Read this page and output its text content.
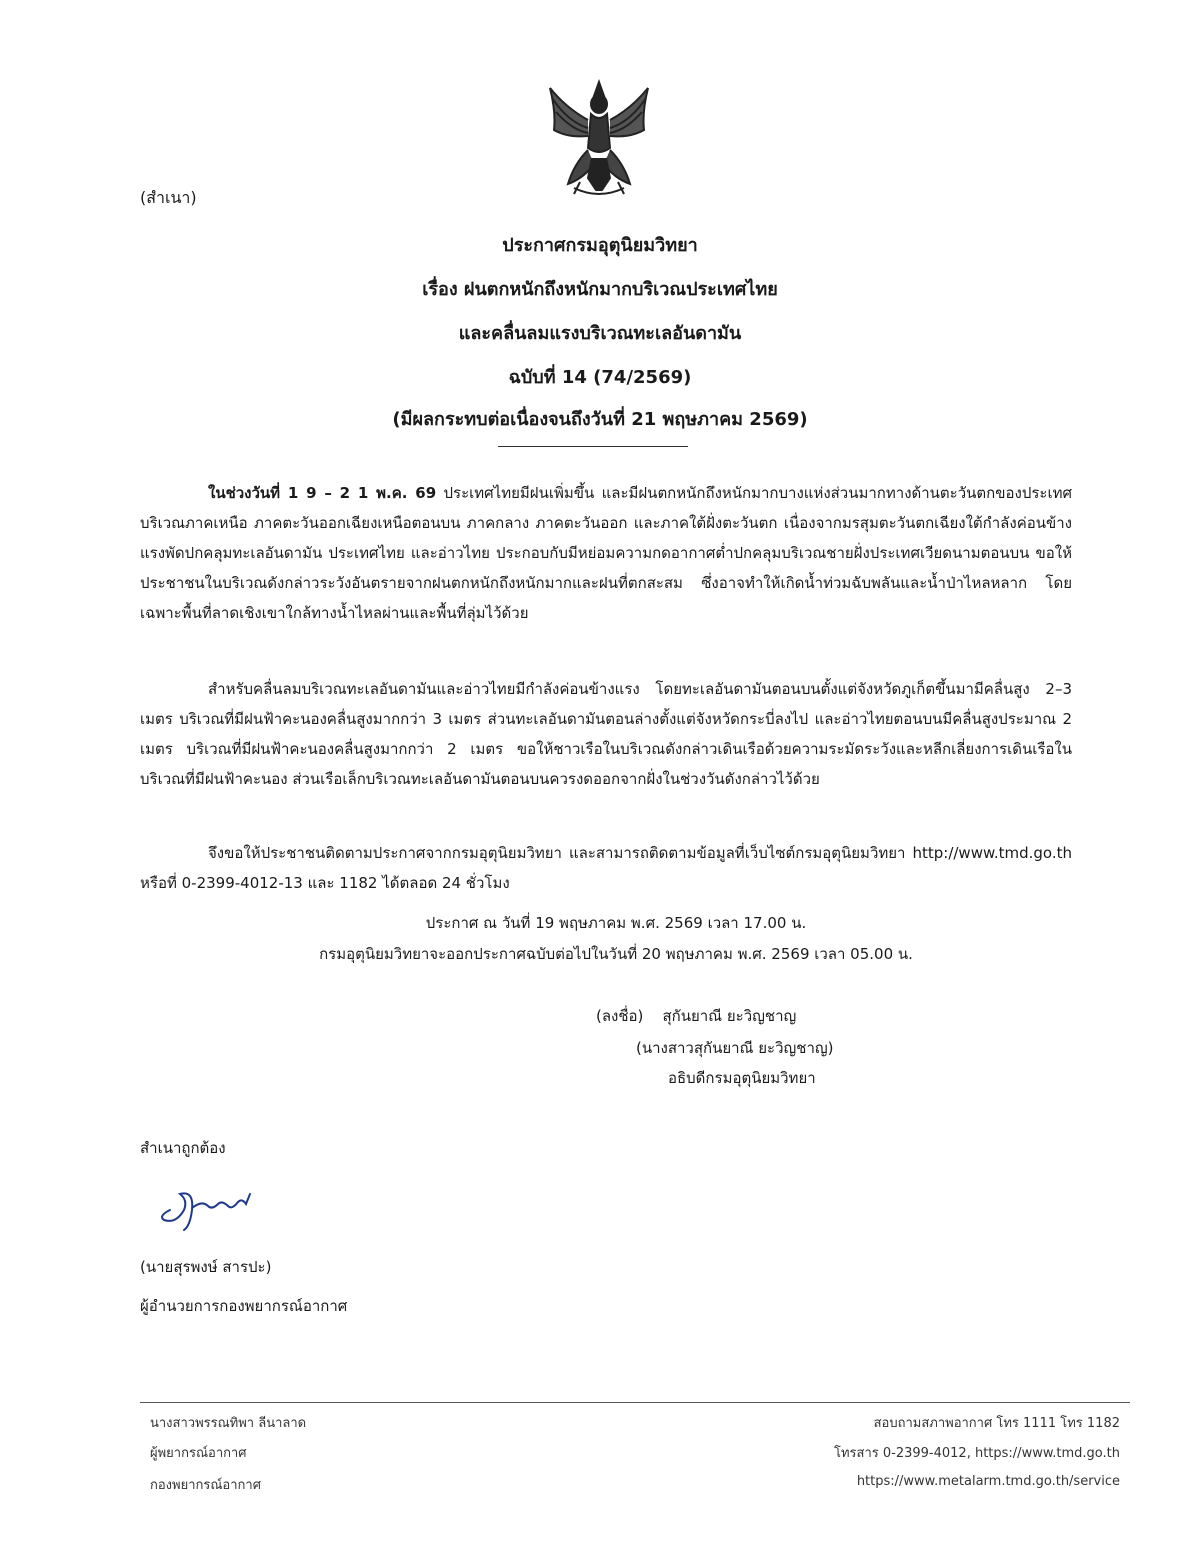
(สำเนา)
ประกาศกรมอุตุนิยมวิทยา
เรื่อง ฝนตกหนักถึงหนักมากบริเวณประเทศไทย
และคลื่นลมแรงบริเวณทะเลอันดามัน
ฉบับที่ 14 (74/2569)
(มีผลกระทบต่อเนื่องจนถึงวันที่ 21 พฤษภาคม 2569)
ในช่วงวันที่ 1 9 – 2 1 พ.ค. 69 ประเทศไทยมีฝนเพิ่มขึ้น และมีฝนตกหนักถึงหนักมากบางแห่งส่วนมากทางด้านตะวันตกของประเทศ บริเวณภาคเหนือ ภาคตะวันออกเฉียงเหนือตอนบน ภาคกลาง ภาคตะวันออก และภาคใต้ฝั่งตะวันตก เนื่องจากมรสุมตะวันตกเฉียงใต้กำลังค่อนข้างแรงพัดปกคลุมทะเลอันดามัน ประเทศไทย และอ่าวไทย ประกอบกับมีหย่อมความกดอากาศต่ำปกคลุมบริเวณชายฝั่งประเทศเวียดนามตอนบน ขอให้ประชาชนในบริเวณดังกล่าวระวังอันตรายจากฝนตกหนักถึงหนักมากและฝนที่ตกสะสม ซึ่งอาจทำให้เกิดน้ำท่วมฉับพลันและน้ำป่าไหลหลาก โดยเฉพาะพื้นที่ลาดเชิงเขาใกล้ทางน้ำไหลผ่านและพื้นที่ลุ่มไว้ด้วย
สำหรับคลื่นลมบริเวณทะเลอันดามันและอ่าวไทยมีกำลังค่อนข้างแรง โดยทะเลอันดามันตอนบนตั้งแต่จังหวัดภูเก็ตขึ้นมามีคลื่นสูง 2–3 เมตร บริเวณที่มีฝนฟ้าคะนองคลื่นสูงมากกว่า 3 เมตร ส่วนทะเลอันดามันตอนล่างตั้งแต่จังหวัดกระบี่ลงไป และอ่าวไทยตอนบนมีคลื่นสูงประมาณ 2 เมตร บริเวณที่มีฝนฟ้าคะนองคลื่นสูงมากกว่า 2 เมตร ขอให้ชาวเรือในบริเวณดังกล่าวเดินเรือด้วยความระมัดระวังและหลีกเลี่ยงการเดินเรือในบริเวณที่มีฝนฟ้าคะนอง ส่วนเรือเล็กบริเวณทะเลอันดามันตอนบนควรงดออกจากฝั่งในช่วงวันดังกล่าวไว้ด้วย
จึงขอให้ประชาชนติดตามประกาศจากกรมอุตุนิยมวิทยา และสามารถติดตามข้อมูลที่เว็บไซต์กรมอุตุนิยมวิทยา http://www.tmd.go.th หรือที่ 0-2399-4012-13 และ 1182 ได้ตลอด 24 ชั่วโมง
ประกาศ ณ วันที่ 19 พฤษภาคม พ.ศ. 2569 เวลา 17.00 น.
กรมอุตุนิยมวิทยาจะออกประกาศฉบับต่อไปในวันที่ 20 พฤษภาคม พ.ศ. 2569 เวลา 05.00 น.
(ลงชื่อ)    สุกันยาณี ยะวิญชาญ
(นางสาวสุกันยาณี ยะวิญชาญ)
อธิบดีกรมอุตุนิยมวิทยา
สำเนาถูกต้อง
(นายสุรพงษ์ สารปะ)
ผู้อำนวยการกองพยากรณ์อากาศ
นางสาวพรรณทิพา ลีนาลาด
ผู้พยากรณ์อากาศ
กองพยากรณ์อากาศ
สอบถามสภาพอากาศ โทร 1111 โทร 1182
โทรสาร 0-2399-4012, https://www.tmd.go.th
https://www.metalarm.tmd.go.th/service
